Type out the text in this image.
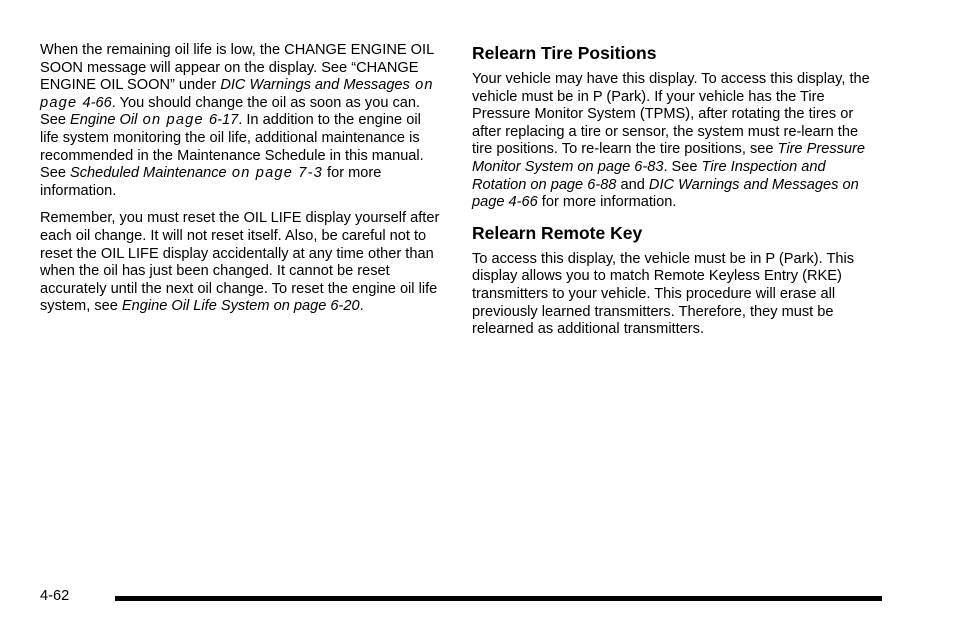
When the remaining oil life is low, the CHANGE ENGINE OIL SOON message will appear on the display. See “CHANGE ENGINE OIL SOON” under DIC Warnings and Messages on page 4-66. You should change the oil as soon as you can. See Engine Oil on page 6-17. In addition to the engine oil life system monitoring the oil life, additional maintenance is recommended in the Maintenance Schedule in this manual. See Scheduled Maintenance on page 7-3 for more information.

Remember, you must reset the OIL LIFE display yourself after each oil change. It will not reset itself. Also, be careful not to reset the OIL LIFE display accidentally at any time other than when the oil has just been changed. It cannot be reset accurately until the next oil change. To reset the engine oil life system, see Engine Oil Life System on page 6-20.

Relearn Tire Positions

Your vehicle may have this display. To access this display, the vehicle must be in P (Park). If your vehicle has the Tire Pressure Monitor System (TPMS), after rotating the tires or after replacing a tire or sensor, the system must re-learn the tire positions. To re-learn the tire positions, see Tire Pressure Monitor System on page 6-83. See Tire Inspection and Rotation on page 6-88 and DIC Warnings and Messages on page 4-66 for more information.

Relearn Remote Key

To access this display, the vehicle must be in P (Park). This display allows you to match Remote Keyless Entry (RKE) transmitters to your vehicle. This procedure will erase all previously learned transmitters. Therefore, they must be relearned as additional transmitters.

4-62
